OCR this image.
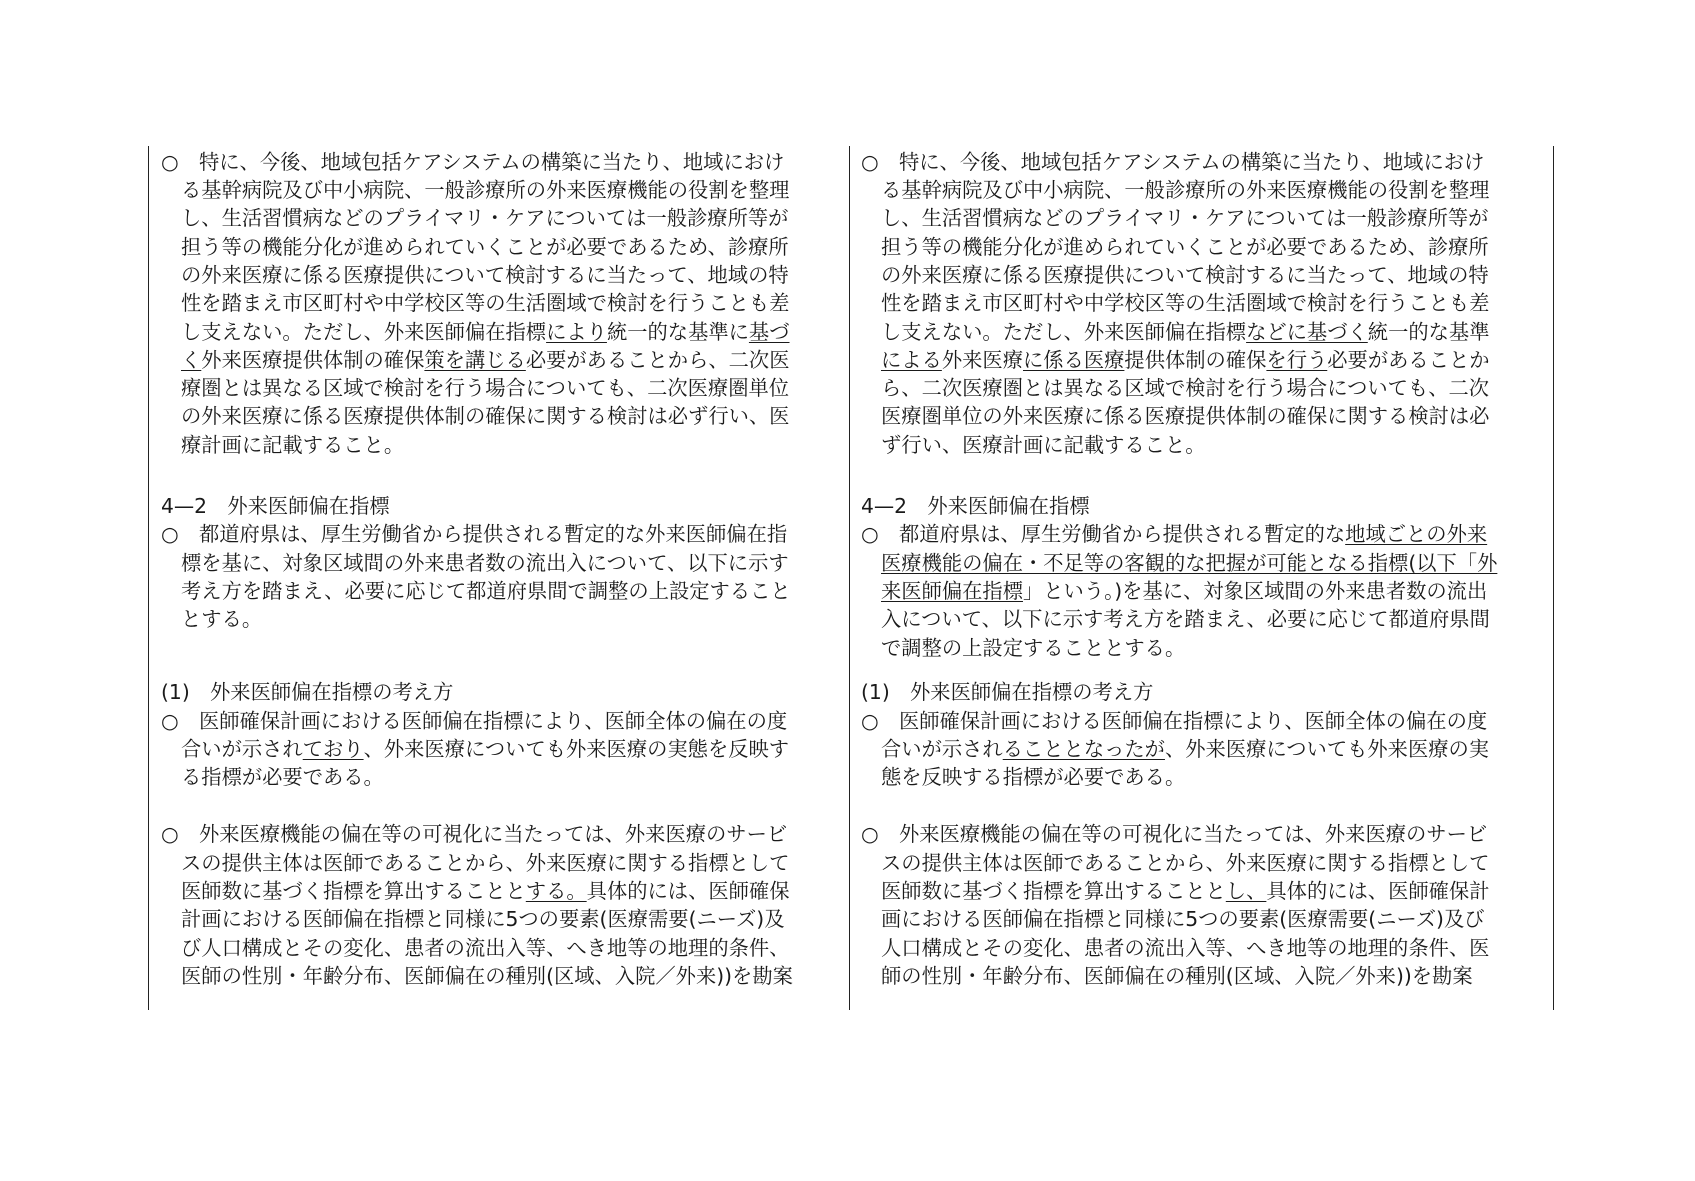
○　特に、今後、地域包括ケアシステムの構築に当たり、地域におけ
る基幹病院及び中小病院、一般診療所の外来医療機能の役割を整理
し、生活習慣病などのプライマリ・ケアについては一般診療所等が
担う等の機能分化が進められていくことが必要であるため、診療所
の外来医療に係る医療提供について検討するに当たって、地域の特
性を踏まえ市区町村や中学校区等の生活圏域で検討を行うことも差
し支えない。ただし、外来医師偏在指標により統一的な基準に基づ
く外来医療提供体制の確保策を講じる必要があることから、二次医
療圏とは異なる区域で検討を行う場合についても、二次医療圏単位
の外来医療に係る医療提供体制の確保に関する検討は必ず行い、医
療計画に記載すること。
4—2　外来医師偏在指標
○　都道府県は、厚生労働省から提供される暫定的な外来医師偏在指
標を基に、対象区域間の外来患者数の流出入について、以下に示す
考え方を踏まえ、必要に応じて都道府県間で調整の上設定すること
とする。
(1)　外来医師偏在指標の考え方
○　医師確保計画における医師偏在指標により、医師全体の偏在の度
合いが示されており、外来医療についても外来医療の実態を反映す
る指標が必要である。
○　外来医療機能の偏在等の可視化に当たっては、外来医療のサービ
スの提供主体は医師であることから、外来医療に関する指標として
医師数に基づく指標を算出することとする。具体的には、医師確保
計画における医師偏在指標と同様に5つの要素(医療需要(ニーズ)及
び人口構成とその変化、患者の流出入等、へき地等の地理的条件、
医師の性別・年齢分布、医師偏在の種別(区域、入院／外来))を勘案
○　特に、今後、地域包括ケアシステムの構築に当たり、地域におけ
る基幹病院及び中小病院、一般診療所の外来医療機能の役割を整理
し、生活習慣病などのプライマリ・ケアについては一般診療所等が
担う等の機能分化が進められていくことが必要であるため、診療所
の外来医療に係る医療提供について検討するに当たって、地域の特
性を踏まえ市区町村や中学校区等の生活圏域で検討を行うことも差
し支えない。ただし、外来医師偏在指標などに基づく統一的な基準
による外来医療に係る医療提供体制の確保を行う必要があることか
ら、二次医療圏とは異なる区域で検討を行う場合についても、二次
医療圏単位の外来医療に係る医療提供体制の確保に関する検討は必
ず行い、医療計画に記載すること。
4—2　外来医師偏在指標
○　都道府県は、厚生労働省から提供される暫定的な地域ごとの外来
医療機能の偏在・不足等の客観的な把握が可能となる指標(以下「外
来医師偏在指標」という。)を基に、対象区域間の外来患者数の流出
入について、以下に示す考え方を踏まえ、必要に応じて都道府県間
で調整の上設定することとする。
(1)　外来医師偏在指標の考え方
○　医師確保計画における医師偏在指標により、医師全体の偏在の度
合いが示されることとなったが、外来医療についても外来医療の実
態を反映する指標が必要である。
○　外来医療機能の偏在等の可視化に当たっては、外来医療のサービ
スの提供主体は医師であることから、外来医療に関する指標として
医師数に基づく指標を算出することとし、具体的には、医師確保計
画における医師偏在指標と同様に5つの要素(医療需要(ニーズ)及び
人口構成とその変化、患者の流出入等、へき地等の地理的条件、医
師の性別・年齢分布、医師偏在の種別(区域、入院／外来))を勘案
